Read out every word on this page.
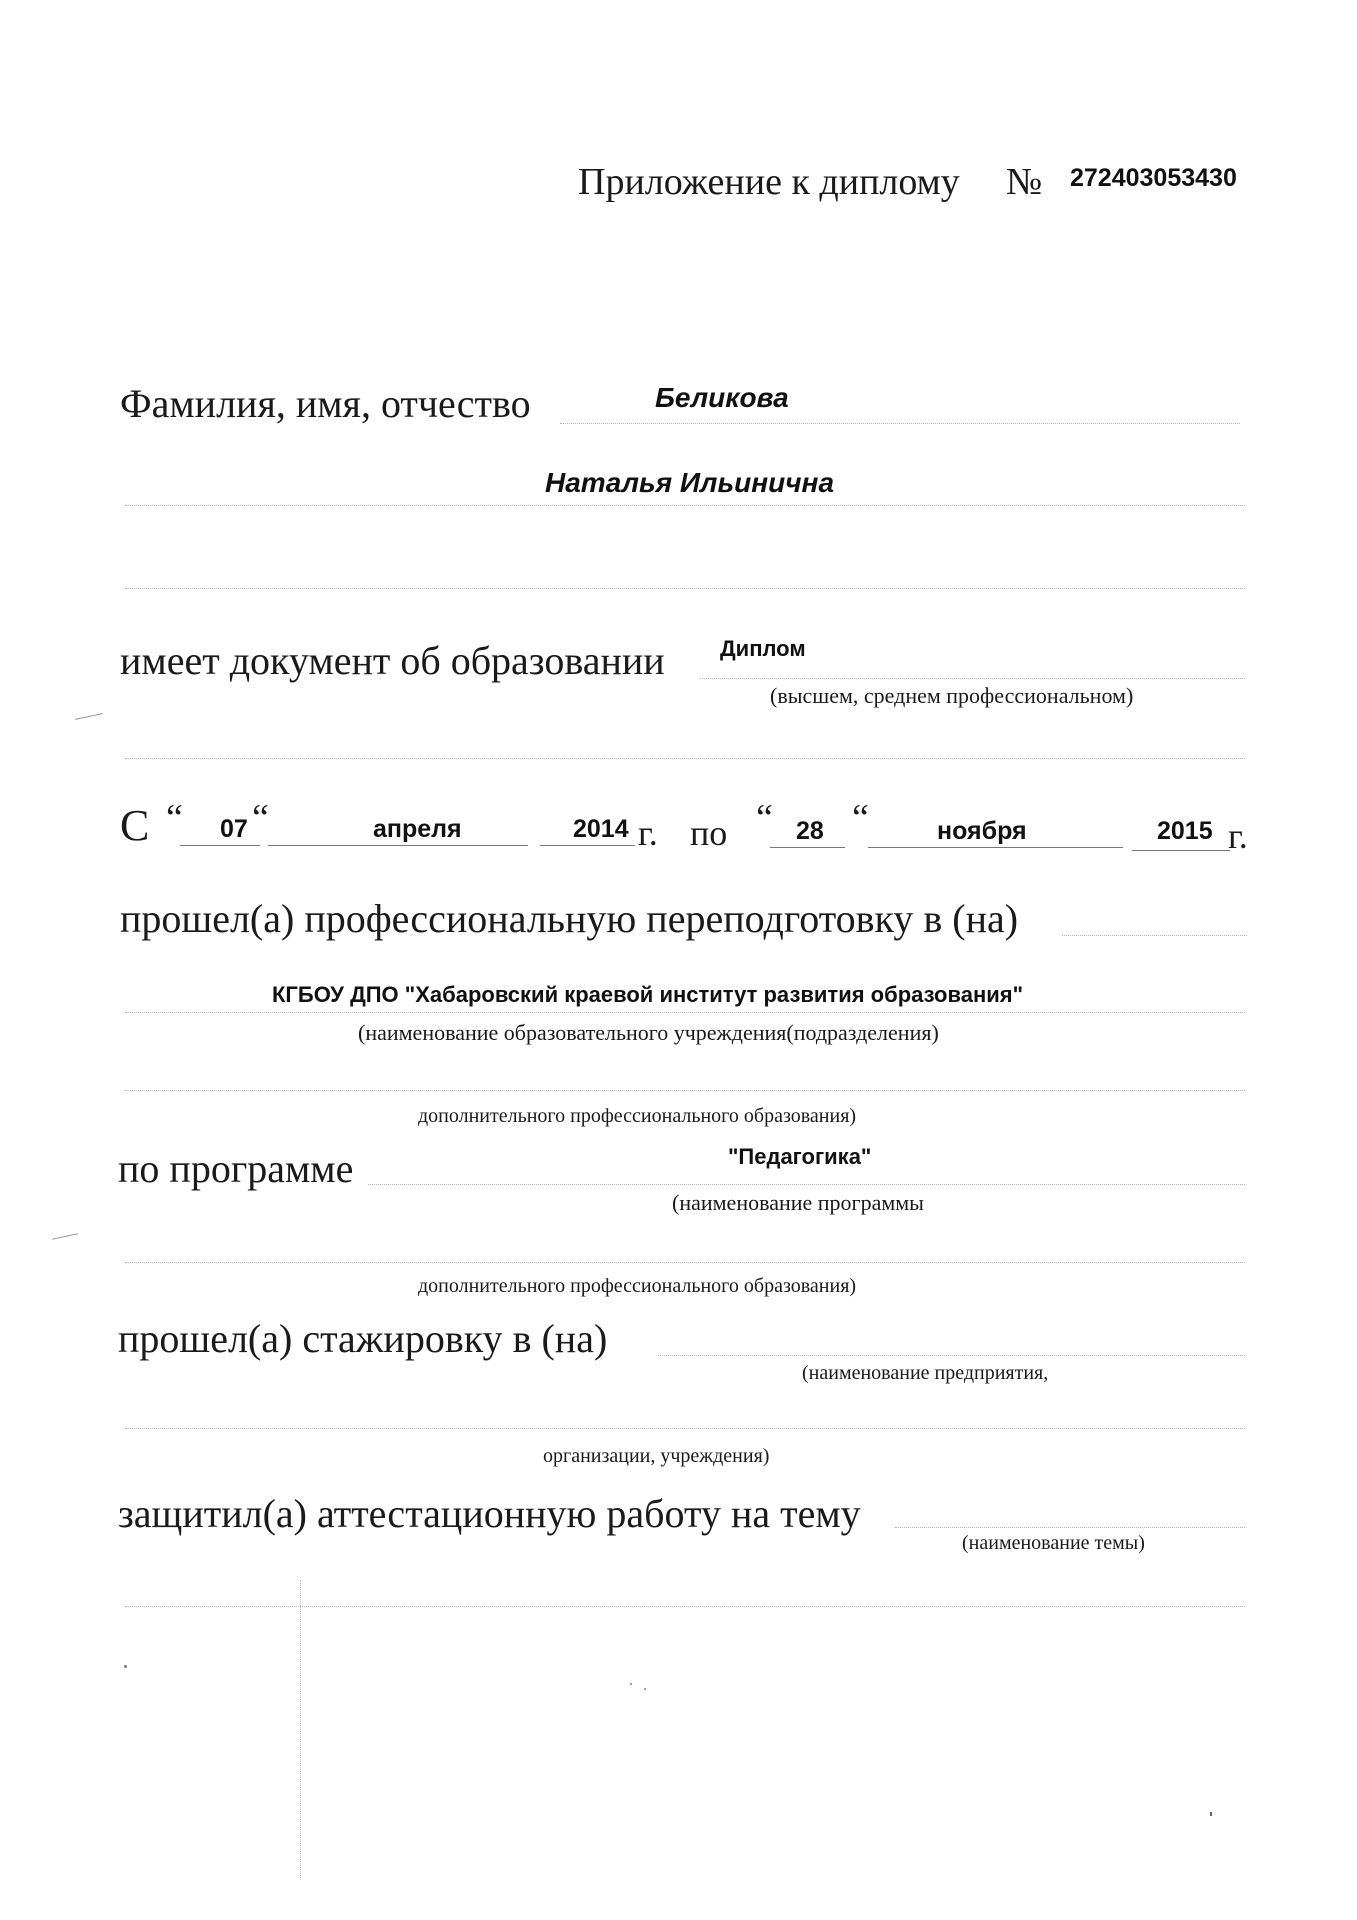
Приложение к диплому № 272403053430
Фамилия, имя, отчество	Беликова
Наталья Ильинична
имеет документ об образовании	Диплом
(высшем, среднем профессиональном)
С “ 07 “	апреля	2014 г. по “ 28 “	ноября	2015 г.
прошел(а) профессиональную переподготовку в (на)
КГБОУ ДПО "Хабаровский краевой институт развития образования"
(наименование образовательного учреждения(подразделения)
дополнительного профессионального образования)
по программе	"Педагогика"
(наименование программы
дополнительного профессионального образования)
прошел(а) стажировку в (на)
(наименование предприятия,
организации, учреждения)
защитил(а) аттестационную работу на тему
(наименование темы)
